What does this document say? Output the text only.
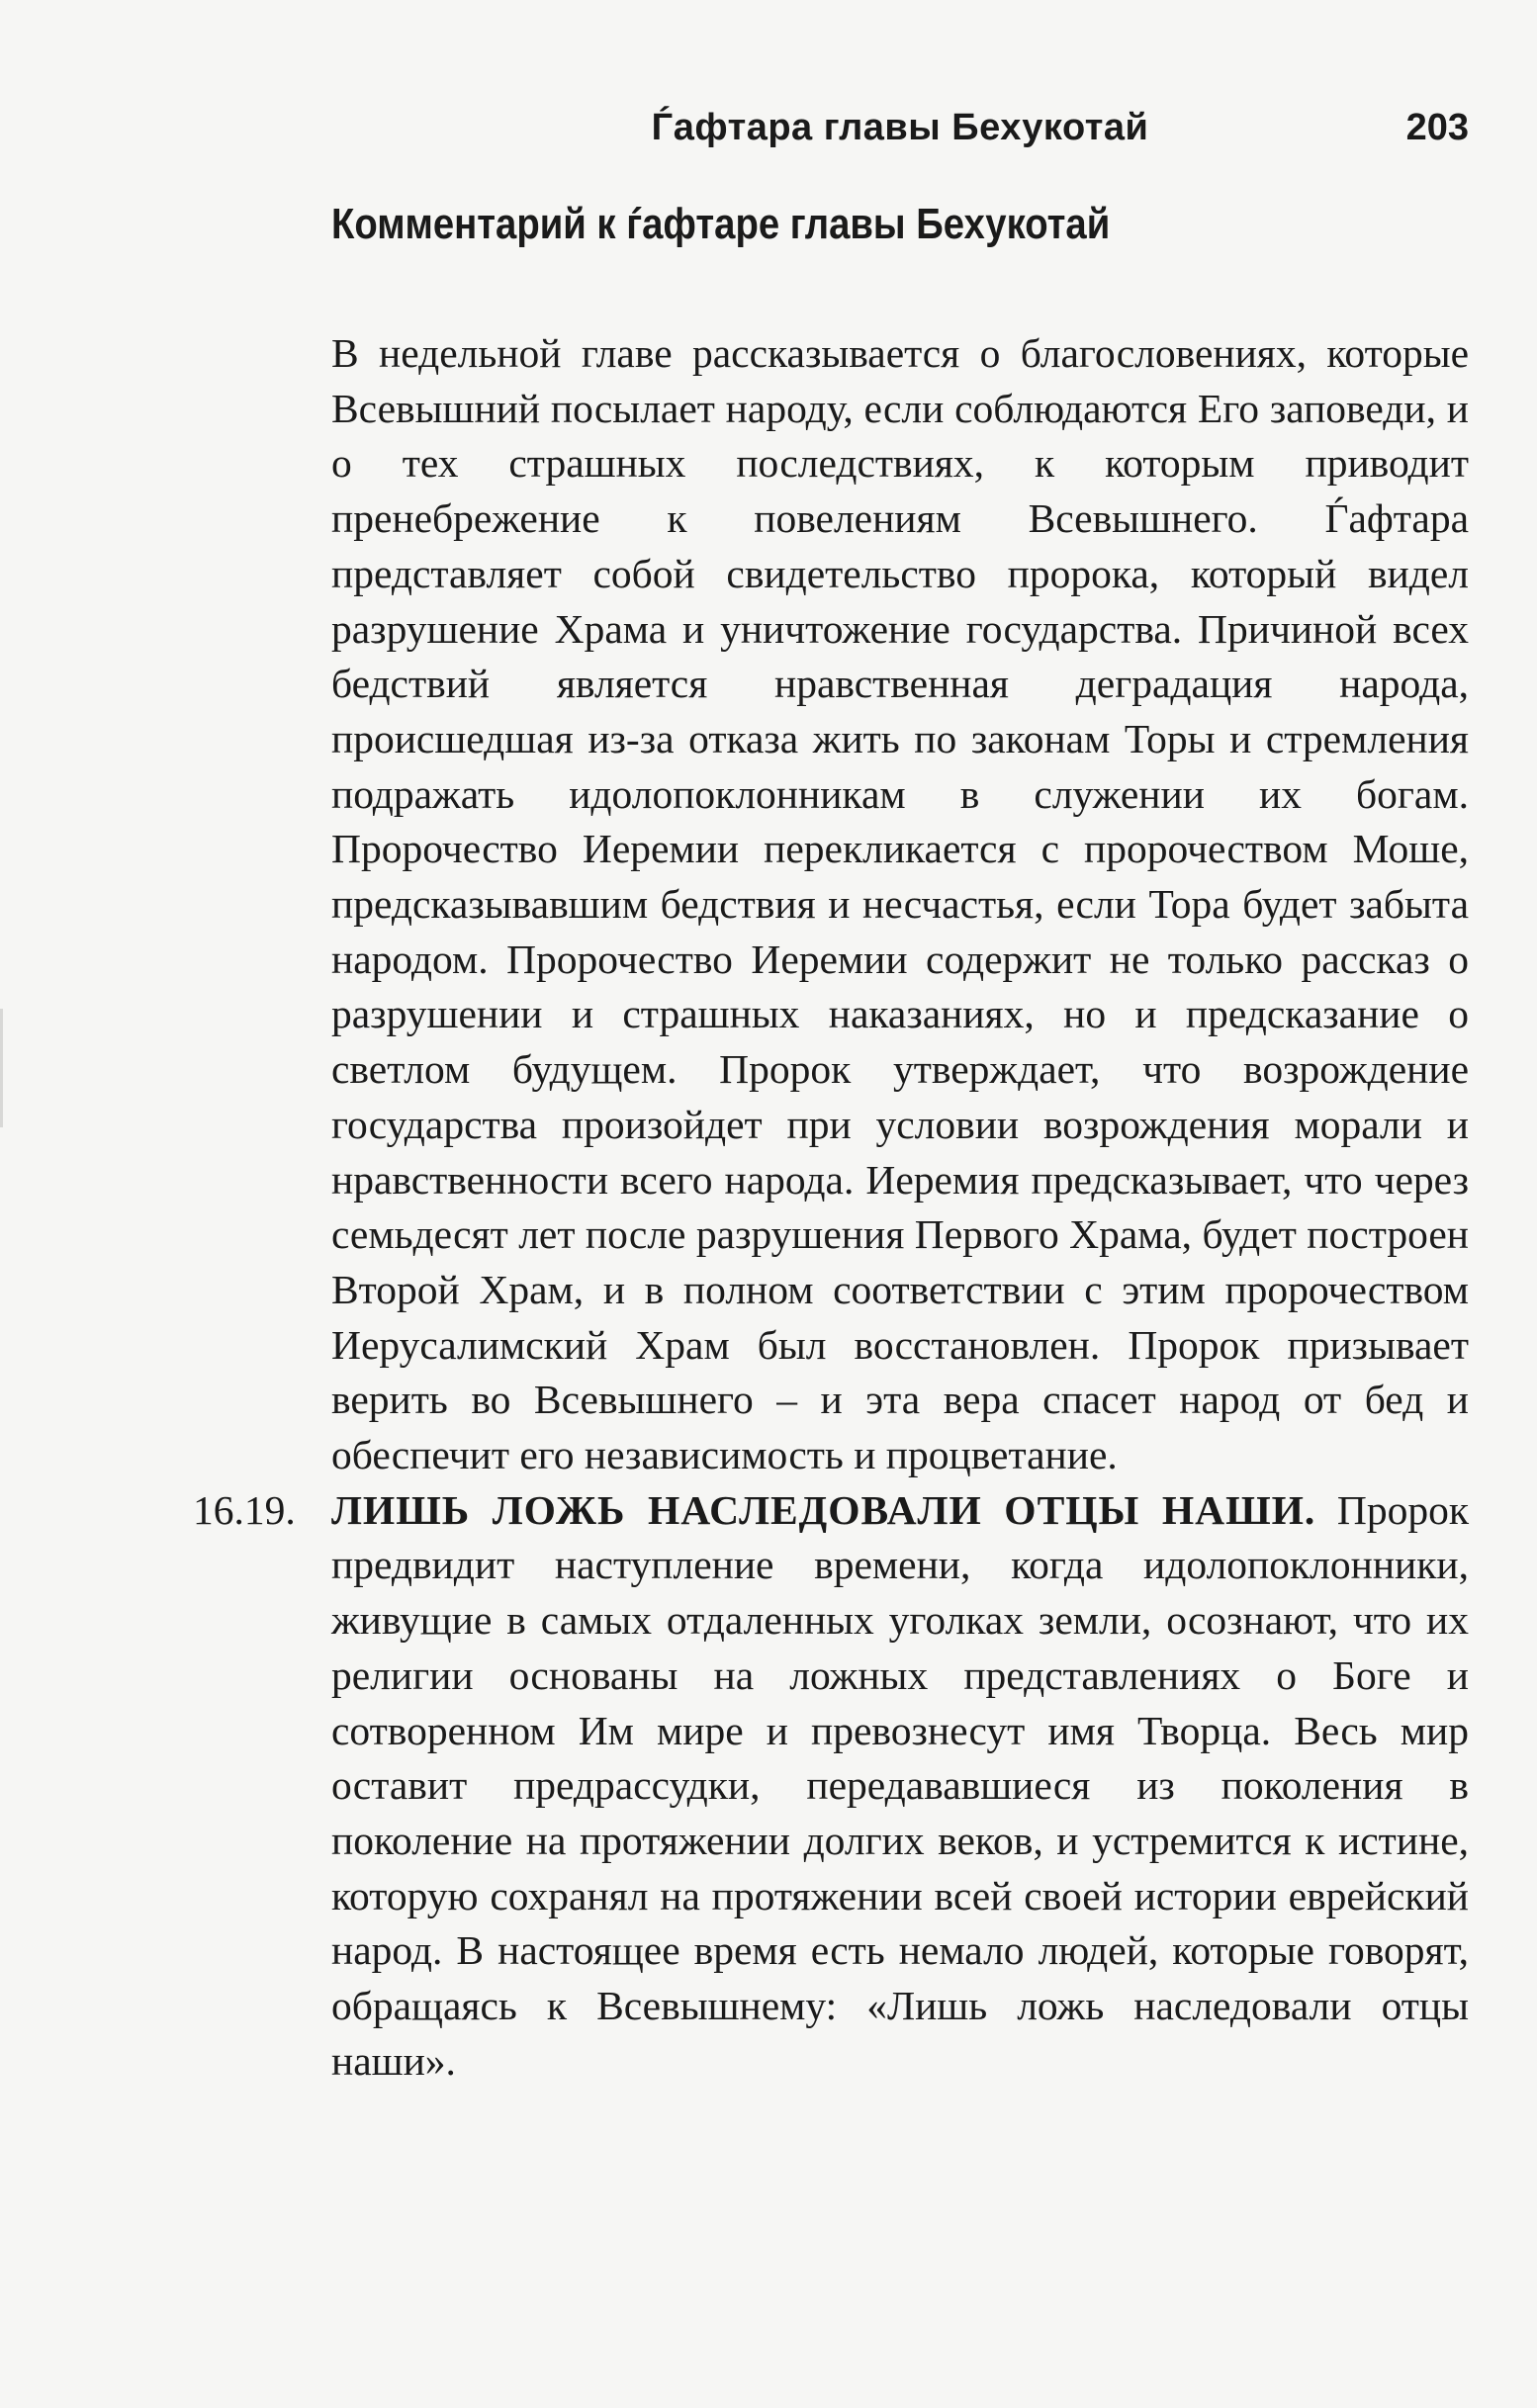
Ѓафтара главы Бехукотай	203
Комментарий к ѓафтаре главы Бехукотай

В недельной главе рассказывается о благословениях, которые Всевышний посылает народу, если соблюдаются Его заповеди, и о тех страшных последствиях, к которым приводит пренебрежение к повелениям Всевышнего. Ѓафтара представляет собой свидетельство пророка, который видел разрушение Храма и уничтожение государства. Причиной всех бедствий является нравственная деградация народа, происшедшая из-за отказа жить по законам Торы и стремления подражать идолопоклонникам в служении их богам. Пророчество Иеремии перекликается с пророчеством Моше, предсказывавшим бедствия и несчастья, если Тора будет забыта народом. Пророчество Иеремии содержит не только рассказ о разрушении и страшных наказаниях, но и предсказание о светлом будущем. Пророк утверждает, что возрождение государства произойдет при условии возрождения морали и нравственности всего народа. Иеремия предсказывает, что через семьдесят лет после разрушения Первого Храма, будет построен Второй Храм, и в полном соответствии с этим пророчеством Иерусалимский Храм был восстановлен. Пророк призывает верить во Всевышнего – и эта вера спасет народ от бед и обеспечит его независимость и процветание.

16.19. ЛИШЬ ЛОЖЬ НАСЛЕДОВАЛИ ОТЦЫ НАШИ. Пророк предвидит наступление времени, когда идолопоклонники, живущие в самых отдаленных уголках земли, осознают, что их религии основаны на ложных представлениях о Боге и сотворенном Им мире и превознесут имя Творца. Весь мир оставит предрассудки, передававшиеся из поколения в поколение на протяжении долгих веков, и устремится к истине, которую сохранял на протяжении всей своей истории еврейский народ. В настоящее время есть немало людей, которые говорят, обращаясь к Всевышнему: «Лишь ложь наследовали отцы наши».
